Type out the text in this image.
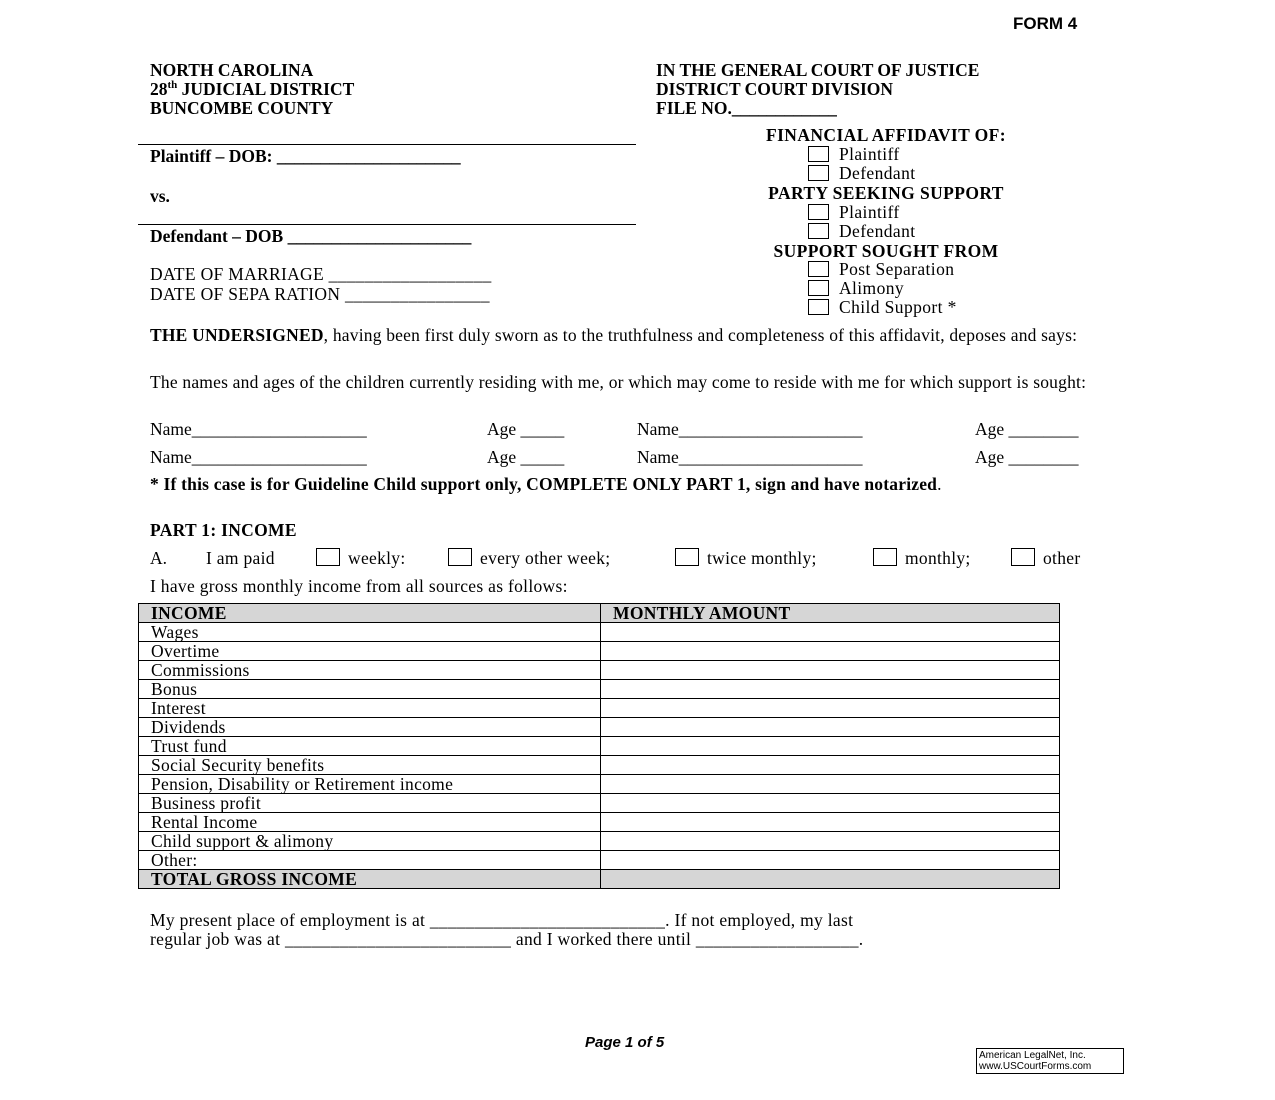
FORM 4
NORTH CAROLINA
28th JUDICIAL DISTRICT
BUNCOMBE COUNTY
IN THE GENERAL COURT OF JUSTICE
DISTRICT COURT DIVISION
FILE NO.____________
Plaintiff – DOB: _____________________
vs.
Defendant – DOB _____________________
DATE OF MARRIAGE __________________
DATE OF SEPA RATION ________________
FINANCIAL AFFIDAVIT OF:
Plaintiff
Defendant
PARTY SEEKING SUPPORT
Plaintiff
Defendant
SUPPORT SOUGHT FROM
Post Separation
Alimony
Child Support *
THE UNDERSIGNED, having been first duly sworn as to the truthfulness and completeness of this affidavit, deposes and says:
The names and ages of the children currently residing with me, or which may come to reside with me for which support is sought:
Name____________________	Age _____	Name_____________________	Age ________
Name____________________	Age _____	Name_____________________	Age ________
* If this case is for Guideline Child support only, COMPLETE ONLY PART 1, sign and have notarized.
PART 1: INCOME
A. I am paid	weekly:	every other week;	twice monthly;	monthly;	other
I have gross monthly income from all sources as follows:
INCOME	MONTHLY AMOUNT
Wages	
Overtime	
Commissions	
Bonus	
Interest	
Dividends	
Trust fund	
Social Security benefits	
Pension, Disability or Retirement income	
Business profit	
Rental Income	
Child support & alimony	
Other:	
TOTAL GROSS INCOME	
My present place of employment is at __________________________. If not employed, my last
regular job was at _________________________ and I worked there until __________________.
Page 1 of 5
American LegalNet, Inc.
www.USCourtForms.com
